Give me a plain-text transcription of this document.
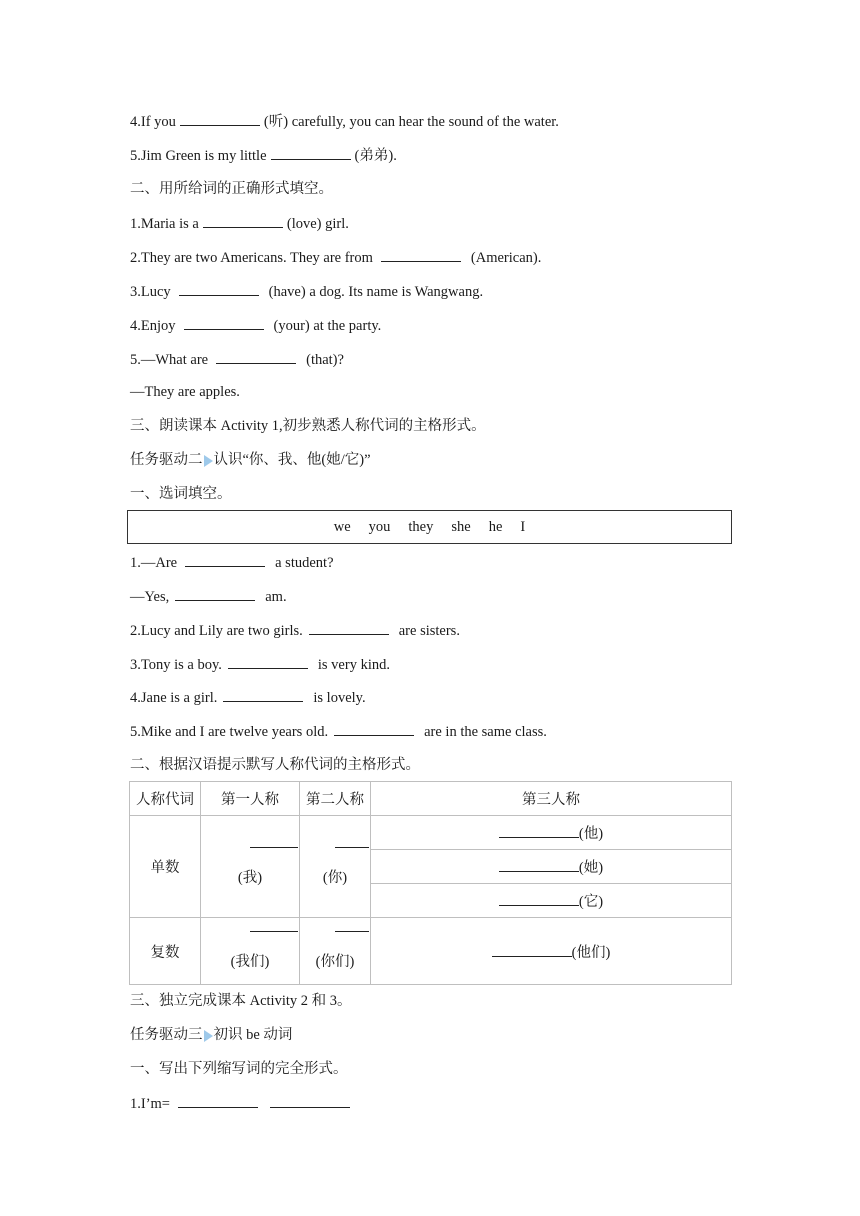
4.If you	(听) carefully, you can hear the sound of the water.
5.Jim Green is my little	(弟弟).
二、用所给词的正确形式填空。
1.Maria is a	(love) girl.
2.They are two Americans. They are from	(American).
3.Lucy	(have) a dog. Its name is Wangwang.
4.Enjoy	(your) at the party.
5.—What are	(that)?
—They are apples.
三、朗读课本 Activity 1,初步熟悉人称代词的主格形式。
任务驱动二 认识“你、我、他(她/它)”
一、选词填空。
we you they she he I
1.—Are	a student?
—Yes,	am.
2.Lucy and Lily are two girls.	are sisters.
3.Tony is a boy.	is very kind.
4.Jane is a girl.	is lovely.
5.Mike and I are twelve years old.	are in the same class.
二、根据汉语提示默写人称代词的主格形式。
人称代词	第一人称	第二人称	第三人称
单数	(我)	(你)	(他)
			(她)
			(它)
复数	(我们)	(你们)	(他们)
三、独立完成课本 Activity 2 和 3。
任务驱动三 初识 be 动词
一、写出下列缩写词的完全形式。
1.I’m=
